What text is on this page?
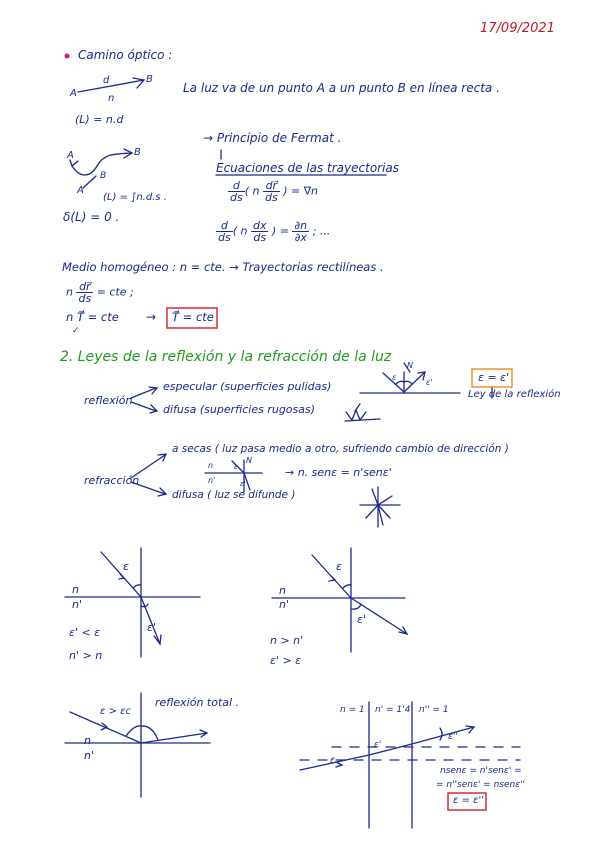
17/09/2021
Camino óptico :
A
d	B
n
La luz va de un punto A a un punto B en línea recta .
(L) = n.d
→ Principio de Fermat .
Ecuaciones de las trayectorias
A	B
B
A
(L) = ∫n.d.s .
δ(L) = 0 .
$\frac{d}{ds}$ ( n $\frac{dr⃗}{ds}$ ) = ∇n
$\frac{d}{ds}$ ( n $\frac{dx}{ds}$ ) = $\frac{\partial n}{\partial x}$ ; ...
Medio homogéneo : n = cte. → Trayectorias rectilíneas .
n $\frac{dr⃗}{ds}$ = cte ;
n T⃗ = cte
✓
→ T⃗ = cte
2. Leyes de la reflexión y la refracción de la luz
reflexión
especular (superficies pulidas)
difusa (superficies rugosas)
N
ε
ε'	ε = ε'
Ley de la reflexión
refracción
a secas ( luz pasa medio a otro, sufriendo cambio de dirección )
n
n'
N
ε
ε'
→ n. senε = n'senε'
difusa ( luz se difunde )
ε
n
n'
ε'
ε' < ε
n' > n
ε
n
n'
ε'
n > n'
ε' > ε
reflexión total .
ε > εc
n
n'
n = 1 n' = 1'4 n'' = 1
ε
ε'
ε''
nsenε = n'senε' =
= n''senε' = nsenε''
ε = ε''
